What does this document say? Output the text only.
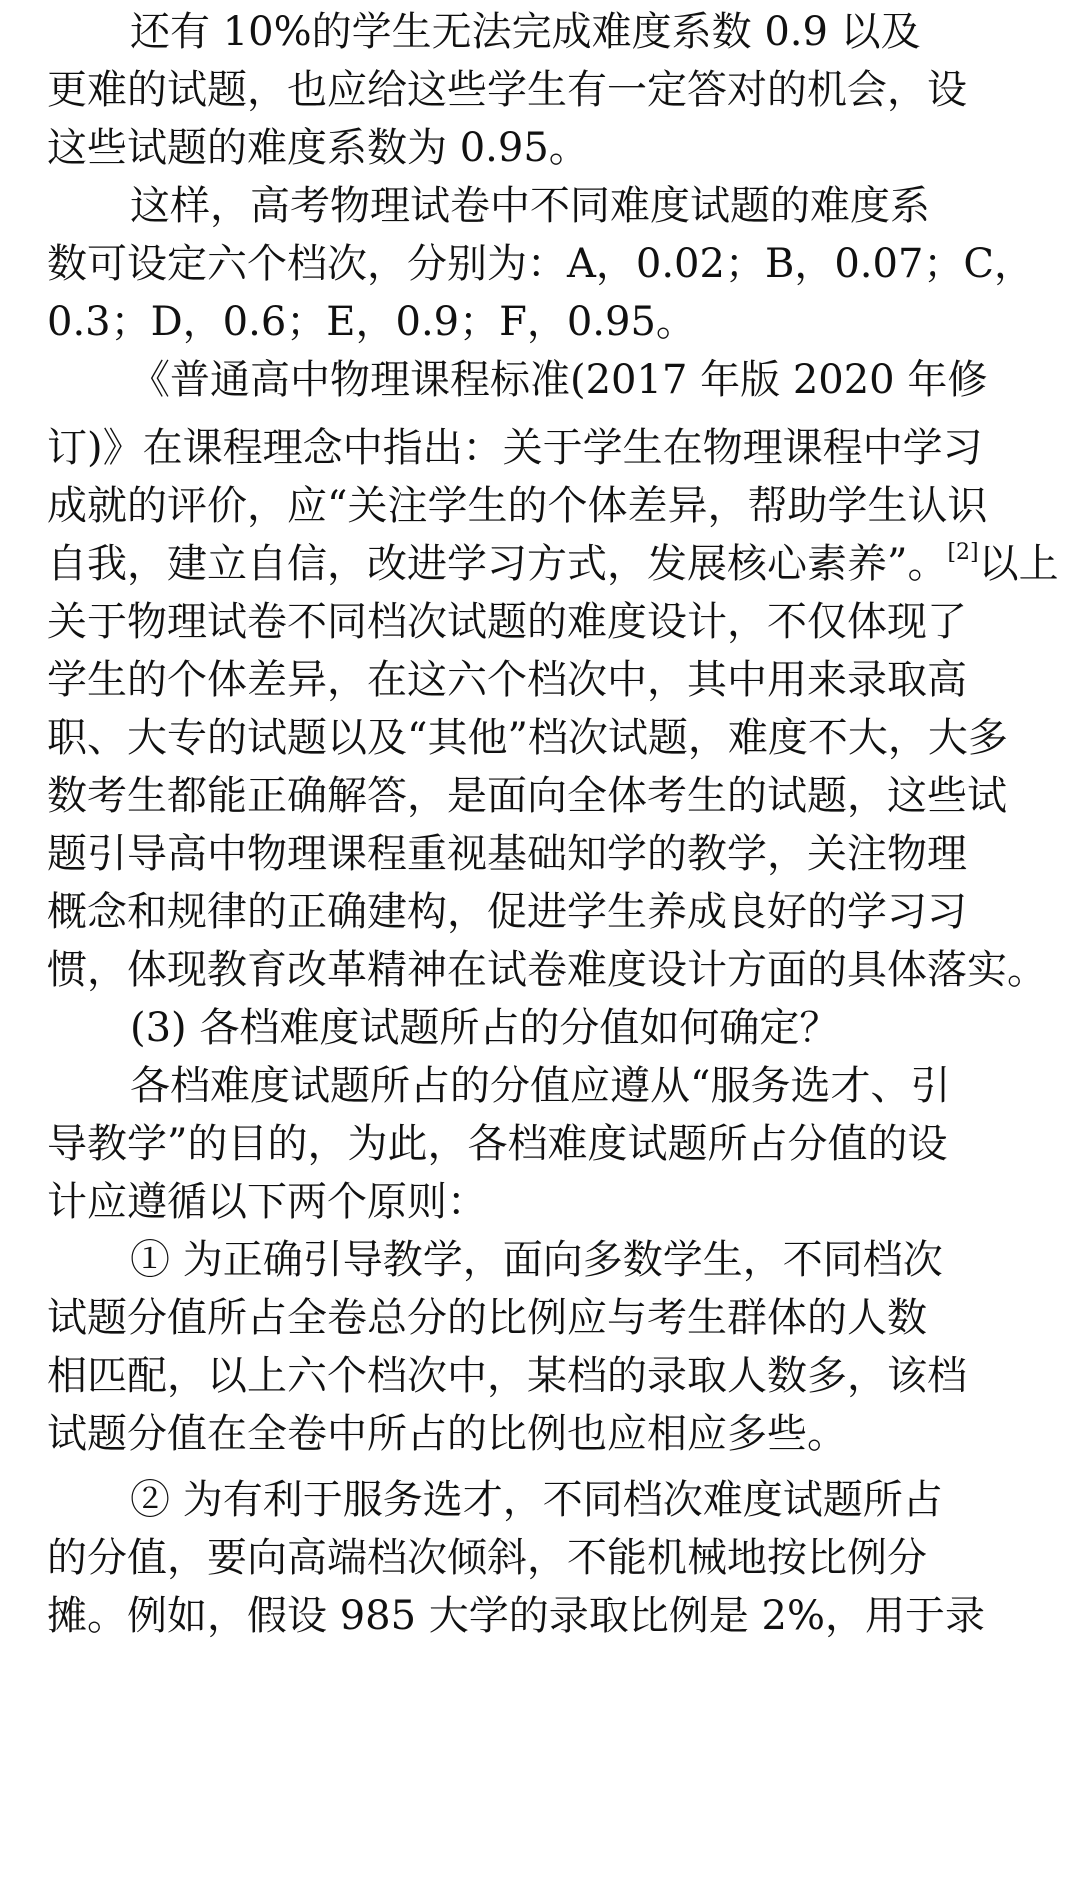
还有 10%的学生无法完成难度系数 0.9 以及
更难的试题，也应给这些学生有一定答对的机会，设
这些试题的难度系数为 0.95。
这样，高考物理试卷中不同难度试题的难度系
数可设定六个档次，分别为：A，0.02；B，0.07；C，
0.3；D，0.6；E，0.9；F，0.95。
《普通高中物理课程标准(2017 年版 2020 年修
订)》在课程理念中指出：关于学生在物理课程中学习
成就的评价，应“关注学生的个体差异，帮助学生认识
自我，建立自信，改进学习方式，发展核心素养”。[2]以上
关于物理试卷不同档次试题的难度设计，不仅体现了
学生的个体差异，在这六个档次中，其中用来录取高
职、大专的试题以及“其他”档次试题，难度不大，大多
数考生都能正确解答，是面向全体考生的试题，这些试
题引导高中物理课程重视基础知学的教学，关注物理
概念和规律的正确建构，促进学生养成良好的学习习
惯，体现教育改革精神在试卷难度设计方面的具体落实。
(3) 各档难度试题所占的分值如何确定？
各档难度试题所占的分值应遵从“服务选才、引
导教学”的目的，为此，各档难度试题所占分值的设
计应遵循以下两个原则：
① 为正确引导教学，面向多数学生，不同档次
试题分值所占全卷总分的比例应与考生群体的人数
相匹配，以上六个档次中，某档的录取人数多，该档
试题分值在全卷中所占的比例也应相应多些。
② 为有利于服务选才，不同档次难度试题所占
的分值，要向高端档次倾斜，不能机械地按比例分
摊。例如，假设 985 大学的录取比例是 2%，用于录
